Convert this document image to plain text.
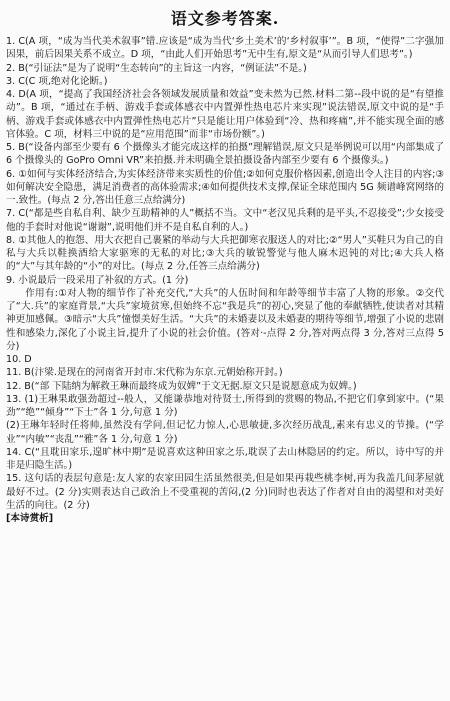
语文参考答案.

1. C(A 项，“成为当代美术叙事”错.应该是“成为当代‘乡土美术’的‘乡村叙事’”。B 项，“使得”二字强加因果，前后因果关系不成立。D 项，“由此人们开始思考”无中生有,原文是“从而引导人们思考”。)

2. B(“引证法”是为了说明“生态转向”的主旨这一内容，“例证法”不是。)

3. C(C 项,绝对化论断。)

4. D(A 项，“提高了我国经济社会各领域发展质量和效益”变未然为已然.材料二第--段中说的是“有望推动”。B 项，“通过在手柄、游戏手套或体感衣中内置弹性热电芯片来实现”说法错误,原文中说的是“手柄、游戏手套或体感衣中内置弹性热电芯片”只是能让用户体验到“冷、热和疼痛”,并不能实现全面的感官体验。C 项，材料三中说的是“应用范围”而非“市场份额”。)

5. B(“设备内部至少要有 6 个摄像头才能完成这样的拍摄”理解错误,原文只是举例说可以用“内部集成了 6 个摄像头的 GoPro Omni VR”来拍摄.并未明确全景拍摄设备内部至少要有 6 个摄像头。)

6. ①如何与实体经济结合,为实体经济带来实质性的价值;②如何克服价格因素,创造出令人注目的内容;③如何解决安全隐患，满足消费者的高体验需求;④如何提供技术支撑,保证全球范围内 5G 频谱峰窝网络的一.致性。(每点 2 分,答出任意三点给满分)

7. C(“都是些自私自利、缺少互助精神的人”概括不当。文中“老汉见兵剩的是平头,不忍接受”;少女接受他的手套时对他说“谢谢”,说明他们并不是自私自利的人。)

8. ①其他人的抱怨、用大衣把自己裹紧的举动与大兵把御寒衣服送人的对比;②“男人”买鞋只为自己的自私与大兵以鞋换酒给大家驱寒的无私的对比;③大兵的敏锐警觉与他人麻木迟钝的对比;④大兵人格的“大”与其年龄的“小”的对比。(每点 2 分,任答三点给满分)

9. 小说最后一段采用了补叙的方式。(1 分)

作用有:①对人物的细节作了补充交代,“大兵”的人伍时间和年龄等细节丰富了人物的形象。②交代了“大.兵”的家庭背景,“大兵”家境贫寒,但始终不忘“我是兵”的初心,突显了他的奉献牺牲,使读者对其精神更加感佩。③暗示“大兵”憧憬美好生活。“大兵”的未婚妻以及未婚妻的期待等细节,增强了小说的悲剧性和感染力,深化了小说主旨,提升了小说的社会价值。(答对·-点得 2 分,答对两点得 3 分,答对三点得 5 分)

10. D

11. B(汴梁.是现在的河南省开封市.宋代称为东京.元朝始称开封。)

12. B(“部 下陆纳为解救王琳而最终成为奴婢”于文无据.原文只是说愿意成为奴婢。)

13. (1)王琳果敢强劲超过--般人，又能谦恭地对待贤士,所得到的赏赐的物品,不把它们拿到家中。(“果劲”“绝”“倾身”“下士”各 1 分,句意 1 分)

(2)王琳年轻时任将帅,虽然没有学问,但记忆力惊人,心思敏捷,多次经历战乱,素来有忠义的节操。(“学业”“内敏”“丧乱”“雅”各 1 分,句意 1 分)

14. C(“且耽田家乐,遑旷林中期”是说喜欢这种田家之乐,耽误了去山林隐居的约定。所以，诗中写的并非是归隐生活。)

15. 这句话的表层句意是:友人家的农家田园生活虽然很美,但是如果再栽些桃李树,再为我盖几间茅屋就最好不过。(2 分)实则表达自己政治上不受重视的苦闷,(2 分)同时也表达了作者对自由的渴望和对美好生活的向往。(2 分)

[本诗赏析]
